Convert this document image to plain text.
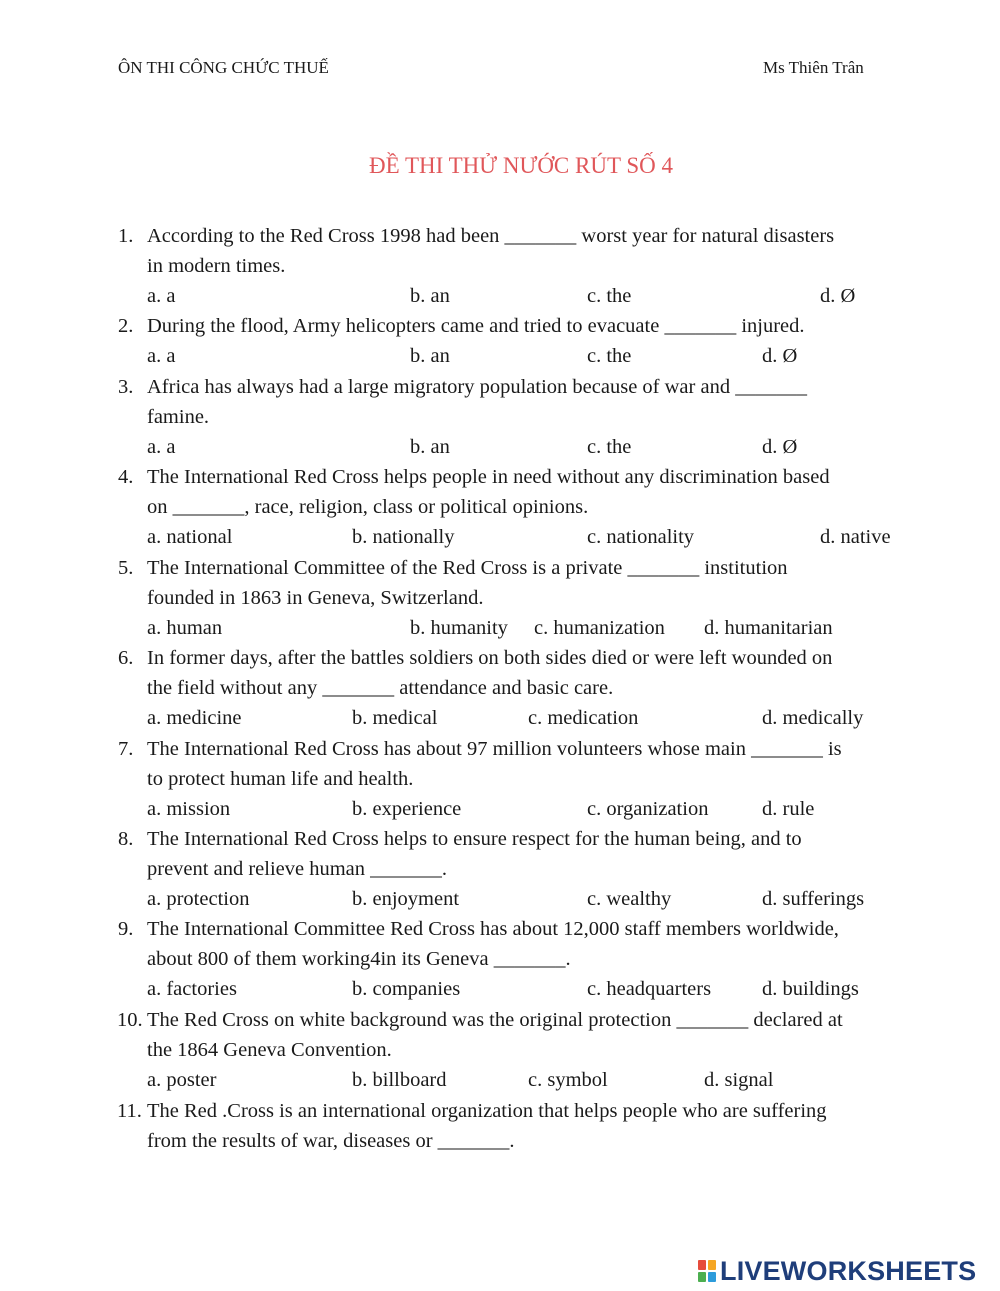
ÔN THI CÔNG CHỨC THUẾ	Ms Thiên Trân
ĐỀ THI THỬ NƯỚC RÚT SỐ 4
1. According to the Red Cross 1998 had been _______ worst year for natural disasters
in modern times.
a. a	b. an	c. the	d. Ø
2. During the flood, Army helicopters came and tried to evacuate _______ injured.
a. a	b. an	c. the	d. Ø
3. Africa has always had a large migratory population because of war and _______
famine.
a. a	b. an	c. the	d. Ø
4. The International Red Cross helps people in need without any discrimination based
on _______, race, religion, class or political opinions.
a. national	b. nationally	c. nationality	d. native
5. The International Committee of the Red Cross is a private _______ institution
founded in 1863 in Geneva, Switzerland.
a. human	b. humanity c. humanization d. humanitarian
6. In former days, after the battles soldiers on both sides died or were left wounded on
the field without any _______ attendance and basic care.
a. medicine	b. medical	c. medication	d. medically
7. The International Red Cross has about 97 million volunteers whose main _______ is
to protect human life and health.
a. mission	b. experience	c. organization	d. rule
8. The International Red Cross helps to ensure respect for the human being, and to
prevent and relieve human _______.
a. protection	b. enjoyment	c. wealthy	d. sufferings
9. The International Committee Red Cross has about 12,000 staff members worldwide,
about 800 of them working4in its Geneva _______.
a. factories	b. companies	c. headquarters d. buildings
10. The Red Cross on white background was the original protection _______ declared at
the 1864 Geneva Convention.
a. poster	b. billboard	c. symbol	d. signal
11. The Red .Cross is an international organization that helps people who are suffering
from the results of war, diseases or _______.
LIVEWORKSHEETS
